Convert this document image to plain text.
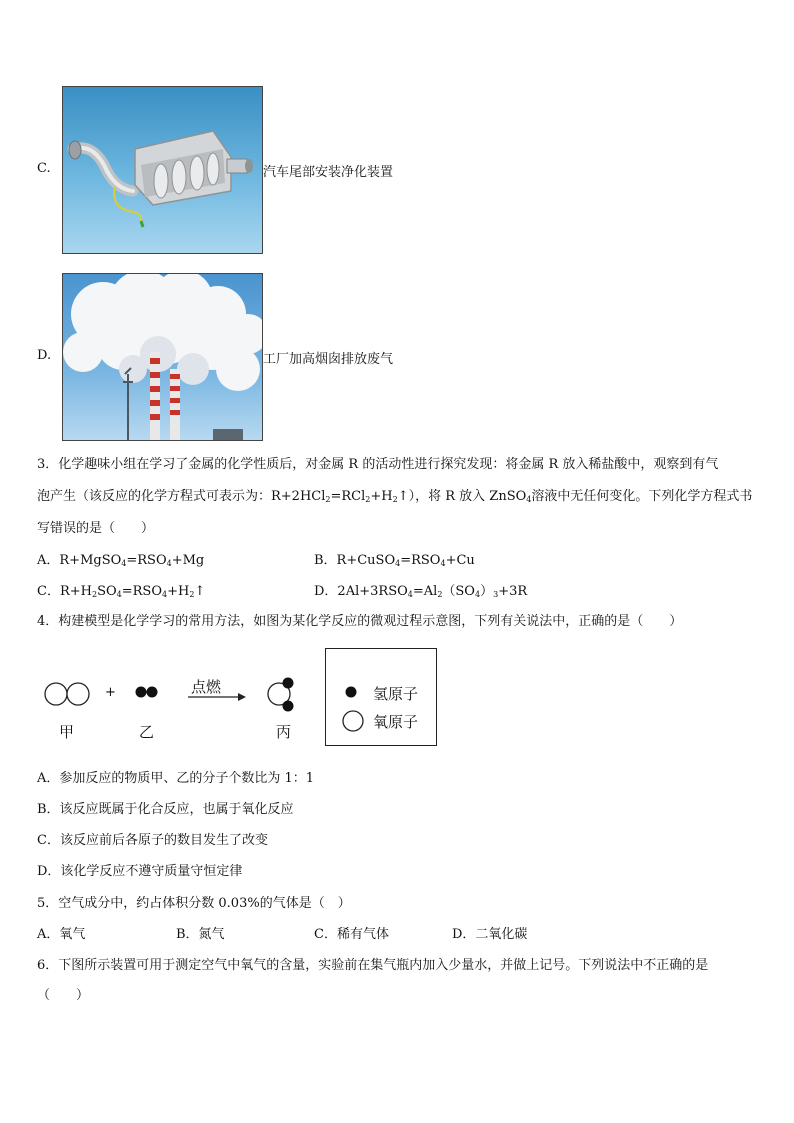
C.	汽车尾部安装净化装置
D.	工厂加高烟囱排放废气
3．化学趣味小组在学习了金属的化学性质后，对金属 R 的活动性进行探究发现：将金属 R 放入稀盐酸中，观察到有气
泡产生（该反应的化学方程式可表示为：$R+2HCl_2=RCl_2+H_2↑$），将 R 放入 ZnSO$_4$溶液中无任何变化。下列化学方程式书
写错误的是（　　）
A．$R+MgSO_4=RSO_4+Mg$	B．$R+CuSO_4=RSO_4+Cu$
C．$R+H_2SO_4=RSO_4+H_2↑$	D．$2Al+3RSO_4=Al_2(SO_4)_3+3R$
4．构建模型是化学学习的常用方法，如图为某化学反应的微观过程示意图，下列有关说法中，正确的是（　　）
+	点燃
甲	乙	丙
氢原子
氧原子
A．参加反应的物质甲、乙的分子个数比为 1：1
B．该反应既属于化合反应，也属于氧化反应
C．该反应前后各原子的数目发生了改变
D．该化学反应不遵守质量守恒定律
5．空气成分中，约占体积分数 0.03%的气体是（　）
A．氧气	B．氮气	C．稀有气体	D．二氧化碳
6．下图所示装置可用于测定空气中氧气的含量，实验前在集气瓶内加入少量水，并做上记号。下列说法中不正确的是
（　　）
